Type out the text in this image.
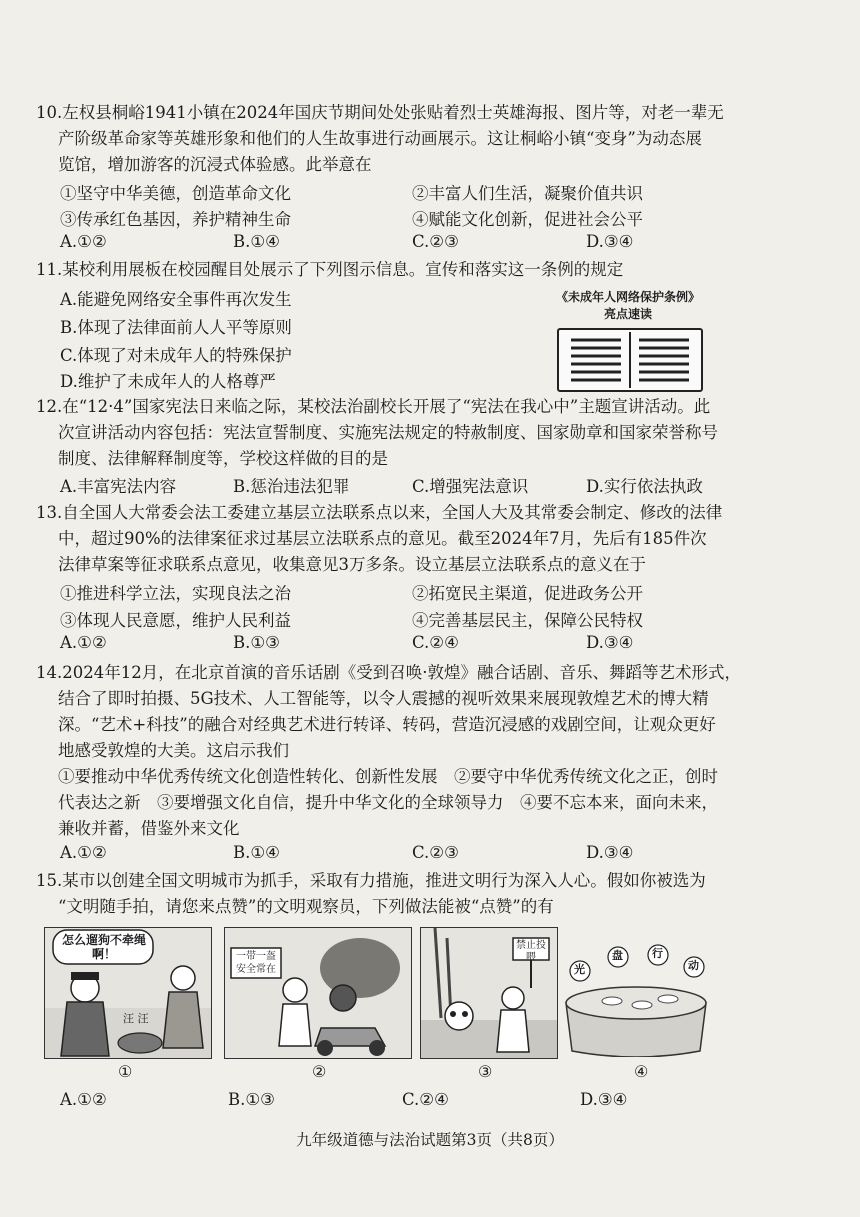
10.左权县桐峪1941小镇在2024年国庆节期间处处张贴着烈士英雄海报、图片等，对老一辈无
产阶级革命家等英雄形象和他们的人生故事进行动画展示。这让桐峪小镇“变身”为动态展
览馆，增加游客的沉浸式体验感。此举意在
①坚守中华美德，创造革命文化	②丰富人们生活，凝聚价值共识
③传承红色基因，养护精神生命	④赋能文化创新，促进社会公平
A.①②	B.①④	C.②③	D.③④
11.某校利用展板在校园醒目处展示了下列图示信息。宣传和落实这一条例的规定
A.能避免网络安全事件再次发生
B.体现了法律面前人人平等原则
C.体现了对未成年人的特殊保护
D.维护了未成年人的人格尊严
《未成年人网络保护条例》
亮点速读
12.在“12·4”国家宪法日来临之际，某校法治副校长开展了“宪法在我心中”主题宣讲活动。此
次宣讲活动内容包括：宪法宣誓制度、实施宪法规定的特赦制度、国家勋章和国家荣誉称号
制度、法律解释制度等，学校这样做的目的是
A.丰富宪法内容	B.惩治违法犯罪	C.增强宪法意识	D.实行依法执政
13.自全国人大常委会法工委建立基层立法联系点以来，全国人大及其常委会制定、修改的法律
中，超过90%的法律案征求过基层立法联系点的意见。截至2024年7月，先后有185件次
法律草案等征求联系点意见，收集意见3万多条。设立基层立法联系点的意义在于
①推进科学立法，实现良法之治	②拓宽民主渠道，促进政务公开
③体现人民意愿，维护人民利益	④完善基层民主，保障公民特权
A.①②	B.①③	C.②④	D.③④
14.2024年12月，在北京首演的音乐话剧《受到召唤·敦煌》融合话剧、音乐、舞蹈等艺术形式，
结合了即时拍摄、5G技术、人工智能等，以令人震撼的视听效果来展现敦煌艺术的博大精
深。“艺术+科技”的融合对经典艺术进行转译、转码，营造沉浸感的戏剧空间，让观众更好
地感受敦煌的大美。这启示我们
①要推动中华优秀传统文化创造性转化、创新性发展　②要守中华优秀传统文化之正，创时
代表达之新　③要增强文化自信，提升中华文化的全球领导力　④要不忘本来，面向未来，
兼收并蓄，借鉴外来文化
A.①②	B.①④	C.②③	D.③④
15.某市以创建全国文明城市为抓手，采取有力措施，推进文明行为深入人心。假如你被选为
“文明随手拍，请您来点赞”的文明观察员，下列做法能被“点赞”的有
怎么遛狗不牵绳啊！
汪 汪
①
一带一盔 安全常在
②
禁止投喂
③
光
盘	行
动
④
A.①②	B.①③	C.②④	D.③④
九年级道德与法治试题第3页（共8页）
